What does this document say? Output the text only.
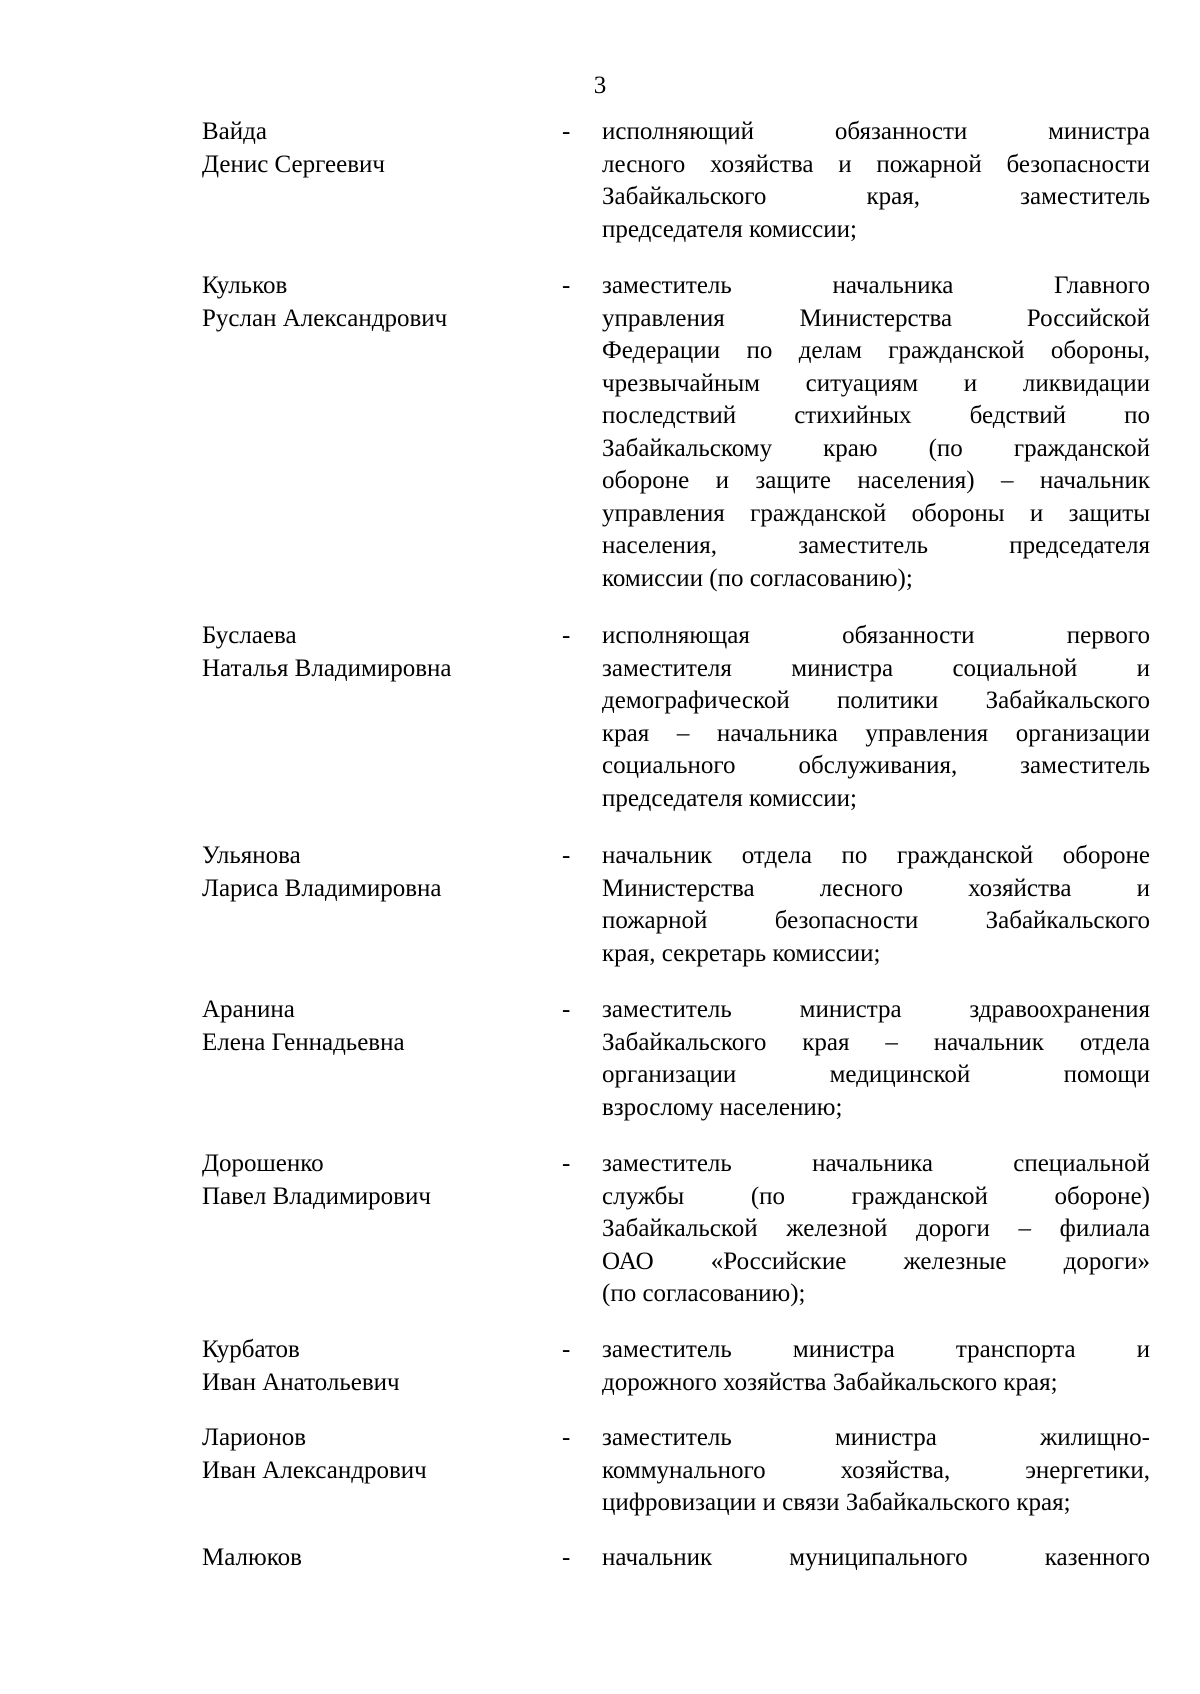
3
Вайда
Денис Сергеевич
- исполняющий обязанности министра
лесного хозяйства и пожарной безопасности
Забайкальского края, заместитель
председателя комиссии;
Кульков
Руслан Александрович
- заместитель начальника Главного
управления Министерства Российской
Федерации по делам гражданской обороны,
чрезвычайным ситуациям и ликвидации
последствий стихийных бедствий по
Забайкальскому краю (по гражданской
обороне и защите населения) – начальник
управления гражданской обороны и защиты
населения, заместитель председателя
комиссии (по согласованию);
Буслаева
Наталья Владимировна
- исполняющая обязанности первого
заместителя министра социальной и
демографической политики Забайкальского
края – начальника управления организации
социального обслуживания, заместитель
председателя комиссии;
Ульянова
Лариса Владимировна
- начальник отдела по гражданской обороне
Министерства лесного хозяйства и
пожарной безопасности Забайкальского
края, секретарь комиссии;
Аранина
Елена Геннадьевна
- заместитель министра здравоохранения
Забайкальского края – начальник отдела
организации медицинской помощи
взрослому населению;
Дорошенко
Павел Владимирович
- заместитель начальника специальной
службы (по гражданской обороне)
Забайкальской железной дороги – филиала
ОАО «Российские железные дороги»
(по согласованию);
Курбатов
Иван Анатольевич
- заместитель министра транспорта и
дорожного хозяйства Забайкальского края;
Ларионов
Иван Александрович
- заместитель министра жилищно-
коммунального хозяйства, энергетики,
цифровизации и связи Забайкальского края;
Малюков	- начальник муниципального казенного
